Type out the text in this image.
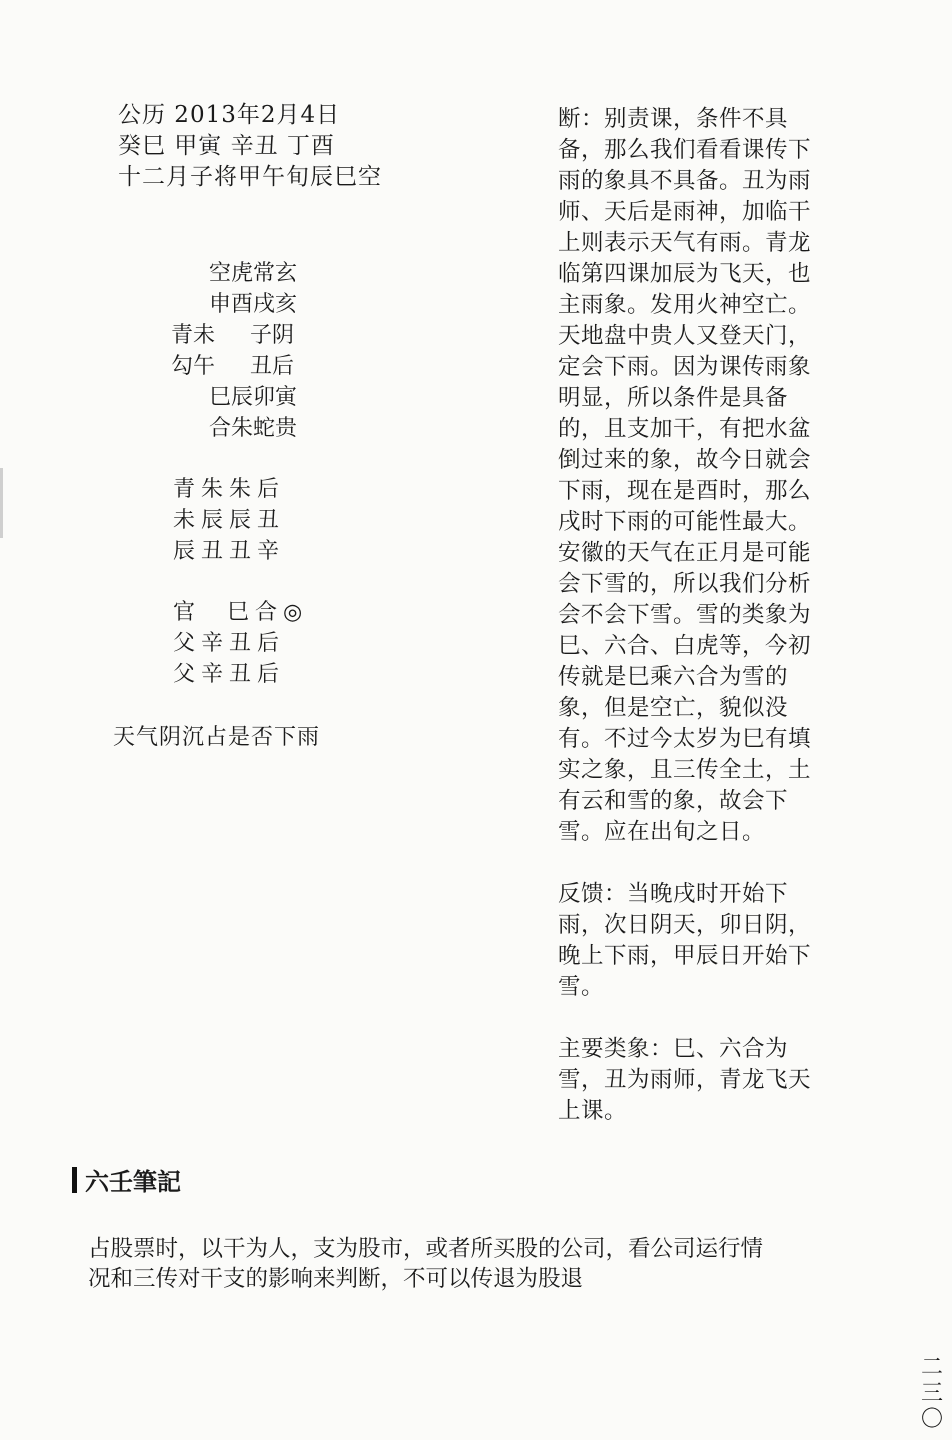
公历 2013年2月4日
癸巳 甲寅 辛丑 丁酉
十二月子将甲午旬辰巳空
空虎常玄
申酉戌亥
青未     子阴
勾午     丑后
巳辰卯寅
合朱蛇贵
青朱朱后
未辰辰丑
辰丑丑辛
官  巳合◎
父辛丑后
父辛丑后
天气阴沉占是否下雨
断：别责课，条件不具
备，那么我们看看课传下
雨的象具不具备。丑为雨
师、天后是雨神，加临干
上则表示天气有雨。青龙
临第四课加辰为飞天，也
主雨象。发用火神空亡。
天地盘中贵人又登天门，
定会下雨。因为课传雨象
明显，所以条件是具备
的，且支加干，有把水盆
倒过来的象，故今日就会
下雨，现在是酉时，那么
戌时下雨的可能性最大。
安徽的天气在正月是可能
会下雪的，所以我们分析
会不会下雪。雪的类象为
巳、六合、白虎等，今初
传就是巳乘六合为雪的
象，但是空亡，貌似没
有。不过今太岁为巳有填
实之象，且三传全土，土
有云和雪的象，故会下
雪。应在出旬之日。
反馈：当晚戌时开始下
雨，次日阴天，卯日阴，
晚上下雨，甲辰日开始下
雪。
主要类象：巳、六合为
雪，丑为雨师，青龙飞天
上课。
六壬筆記
占股票时，以干为人，支为股市，或者所买股的公司，看公司运行情
况和三传对干支的影响来判断，不可以传退为股退
二
三
〇
